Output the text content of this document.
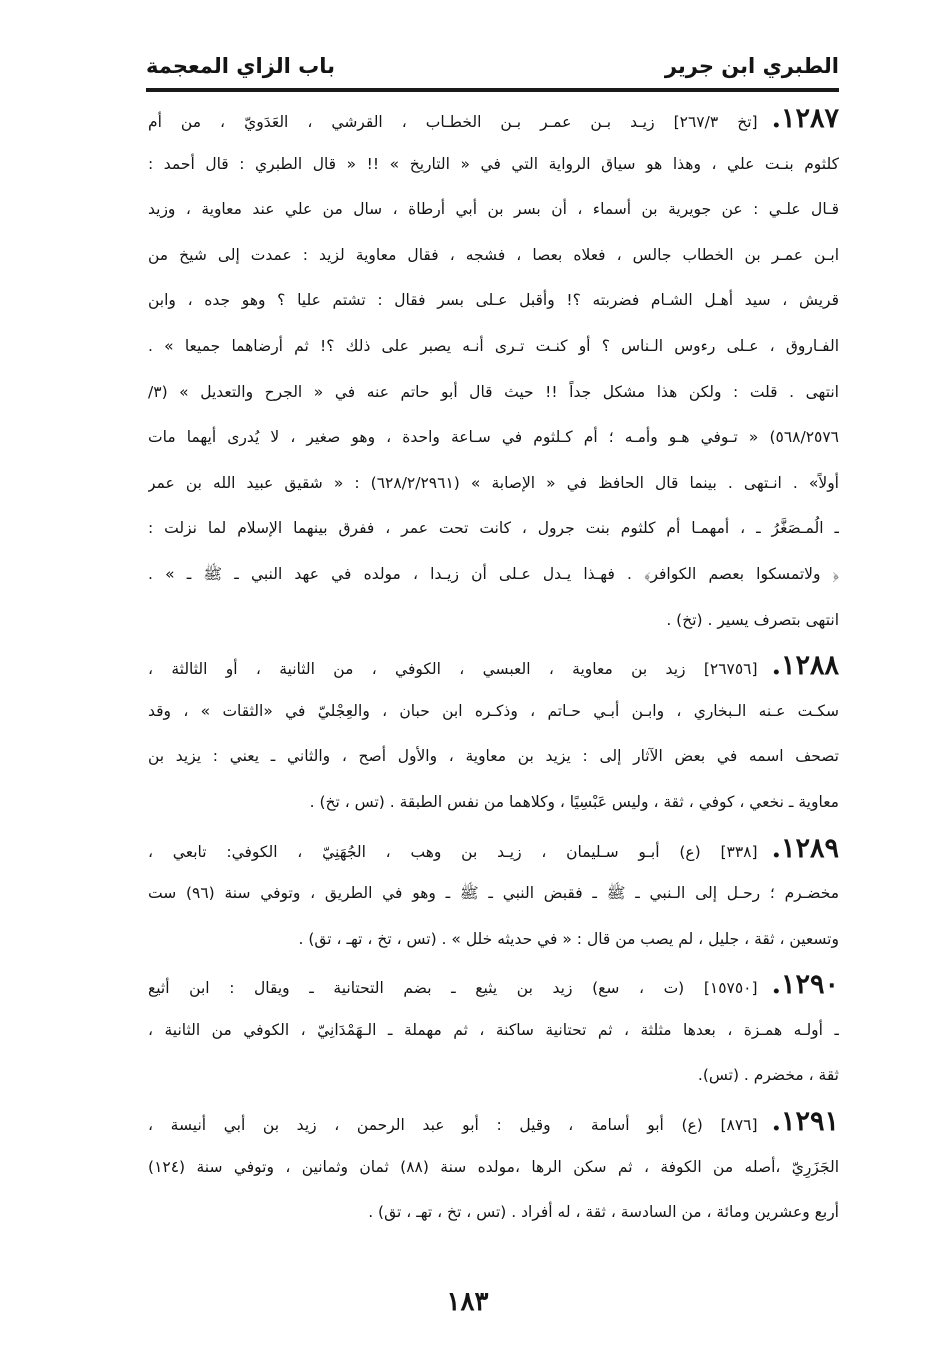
الطبري ابن جرير
باب الزاي المعجمة
١٢٨٧.[تخ ٢٦٧/٣] زيـد بـن عمـر بـن الخطـاب ، القرشي ، العَدَويّ ، من أم
كلثوم بنـت علي ، وهذا هو سياق الرواية التي في « التاريخ » !! « قال الطبري : قال أحمد :
قـال علـي : عن جويرية بن أسماء ، أن بسر بن أبي أرطاة ، سال من علي عند معاوية ، وزيد
ابـن عمـر بن الخطاب جالس ، فعلاه بعصا ، فشجه ، فقال معاوية لزيد : عمدت إلى شيخ من
قريش ، سيد أهـل الشـام فضربته ؟! وأقبل عـلى بسر فقال : تشتم عليا ؟ وهو جده ، وابن
الفـاروق ، عـلى رءوس الـناس ؟ أو كنـت تـرى أنـه يصبر على ذلك ؟! ثم أرضاهما جميعا » .
انتهى . قلت : ولكن هذا مشكل جداً !! حيث قال أبو حاتم عنه في « الجرح والتعديل » (٣/
٥٦٨/٢٥٧٦) « تـوفي هـو وأمـه ؛ أم كـلثوم في سـاعة واحدة ، وهو صغير ، لا يُدرى أيهما مات
أولاً» . انـتهى . بينما قال الحافظ في « الإصابة » (٦٢٨/٢/٢٩٦١) : « شقيق عبيد الله بن عمر
ـ الُمـصَغَّرُ ـ ، أمهمـا أم كلثوم بنت جرول ، كانت تحت عمر ، ففرق بينهما الإسلام لما نزلت :
﴿ ولاتمسكوا بعصم الكوافر﴾ . فهـذا يـدل عـلى أن زيـدا ، مولده في عهد النبي ـ ﷺ ـ » .
انتهى بتصرف يسير . (تخ) .
١٢٨٨.[٢٦٧٥٦] زيد بن معاوية ، العبسي ، الكوفي ، من الثانية ، أو الثالثة ،
سكـت عـنه الـبخاري ، وابـن أبـي حـاتم ، وذكـره ابن حبان ، والعِجْليّ في «الثقات » ، وقد
تصحف اسمه في بعض الآثار إلى : يزيد بن معاوية ، والأول أصح ، والثاني ـ يعني : يزيد بن
معاوية ـ نخعي ، كوفي ، ثقة ، وليس عَبْسِيًا ، وكلاهما من نفس الطبقة . (تس ، تخ) .
١٢٨٩.[٣٣٨] (ع) أبـو سـليمان ، زيـد بن وهب ، الجُهَنِيّ ، الكوفي: تابعي ،
مخضـرم ؛ رحـل إلى الـنبي ـ ﷺ ـ فقبض النبي ـ ﷺ ـ وهو في الطريق ، وتوفي سنة (٩٦) ست
وتسعين ، ثقة ، جليل ، لم يصب من قال : « في حديثه خلل » . (تس ، تخ ، تهـ ، تق) .
١٢٩٠.[١٥٧٥٠] (ت ، سع) زيد بن يثيع ـ بضم التحتانية ـ ويقال : ابن أثيع
ـ أولـه همـزة ، بعدها مثلثة ، ثم تحتانية ساكنة ، ثم مهملة ـ الـهَمْدَانِيّ ، الكوفي من الثانية ،
ثقة ، مخضرم . (تس).
١٢٩١.[٨٧٦] (ع) أبو أسامة ، وقيل : أبو عبد الرحمن ، زيد بن أبي أنيسة ،
الجَزَرِيّ ،أصله من الكوفة ، ثم سكن الرها ،مولده سنة (٨٨) ثمان وثمانين ، وتوفي سنة (١٢٤)
أربع وعشرين ومائة ، من السادسة ، ثقة ، له أفراد . (تس ، تخ ، تهـ ، تق) .
١٨٣
